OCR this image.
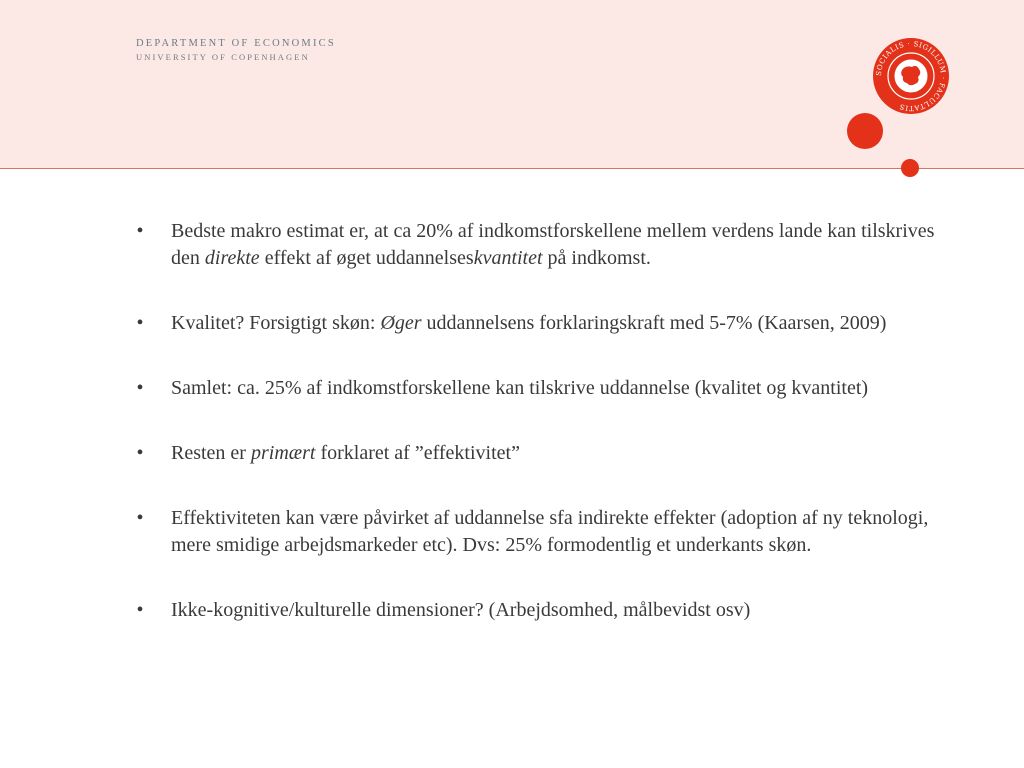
DEPARTMENT OF ECONOMICS
UNIVERSITY OF COPENHAGEN
SOCIALIS · SIGILLUM · FACULTATIS
•	Bedste makro estimat er, at ca 20% af indkomstforskellene mellem verdens lande kan tilskrives den direkte effekt af øget uddannelseskvantitet på indkomst.
•	Kvalitet? Forsigtigt skøn: Øger uddannelsens forklaringskraft med 5-7% (Kaarsen, 2009)
•	Samlet: ca. 25% af indkomstforskellene kan tilskrive uddannelse (kvalitet og kvantitet)
•	Resten er primært forklaret af ”effektivitet”
•	Effektiviteten kan være påvirket af uddannelse sfa indirekte effekter (adoption af ny teknologi, mere smidige arbejdsmarkeder etc). Dvs: 25% formodentlig et underkants skøn.
•	Ikke-kognitive/kulturelle dimensioner? (Arbejdsomhed, målbevidst osv)
